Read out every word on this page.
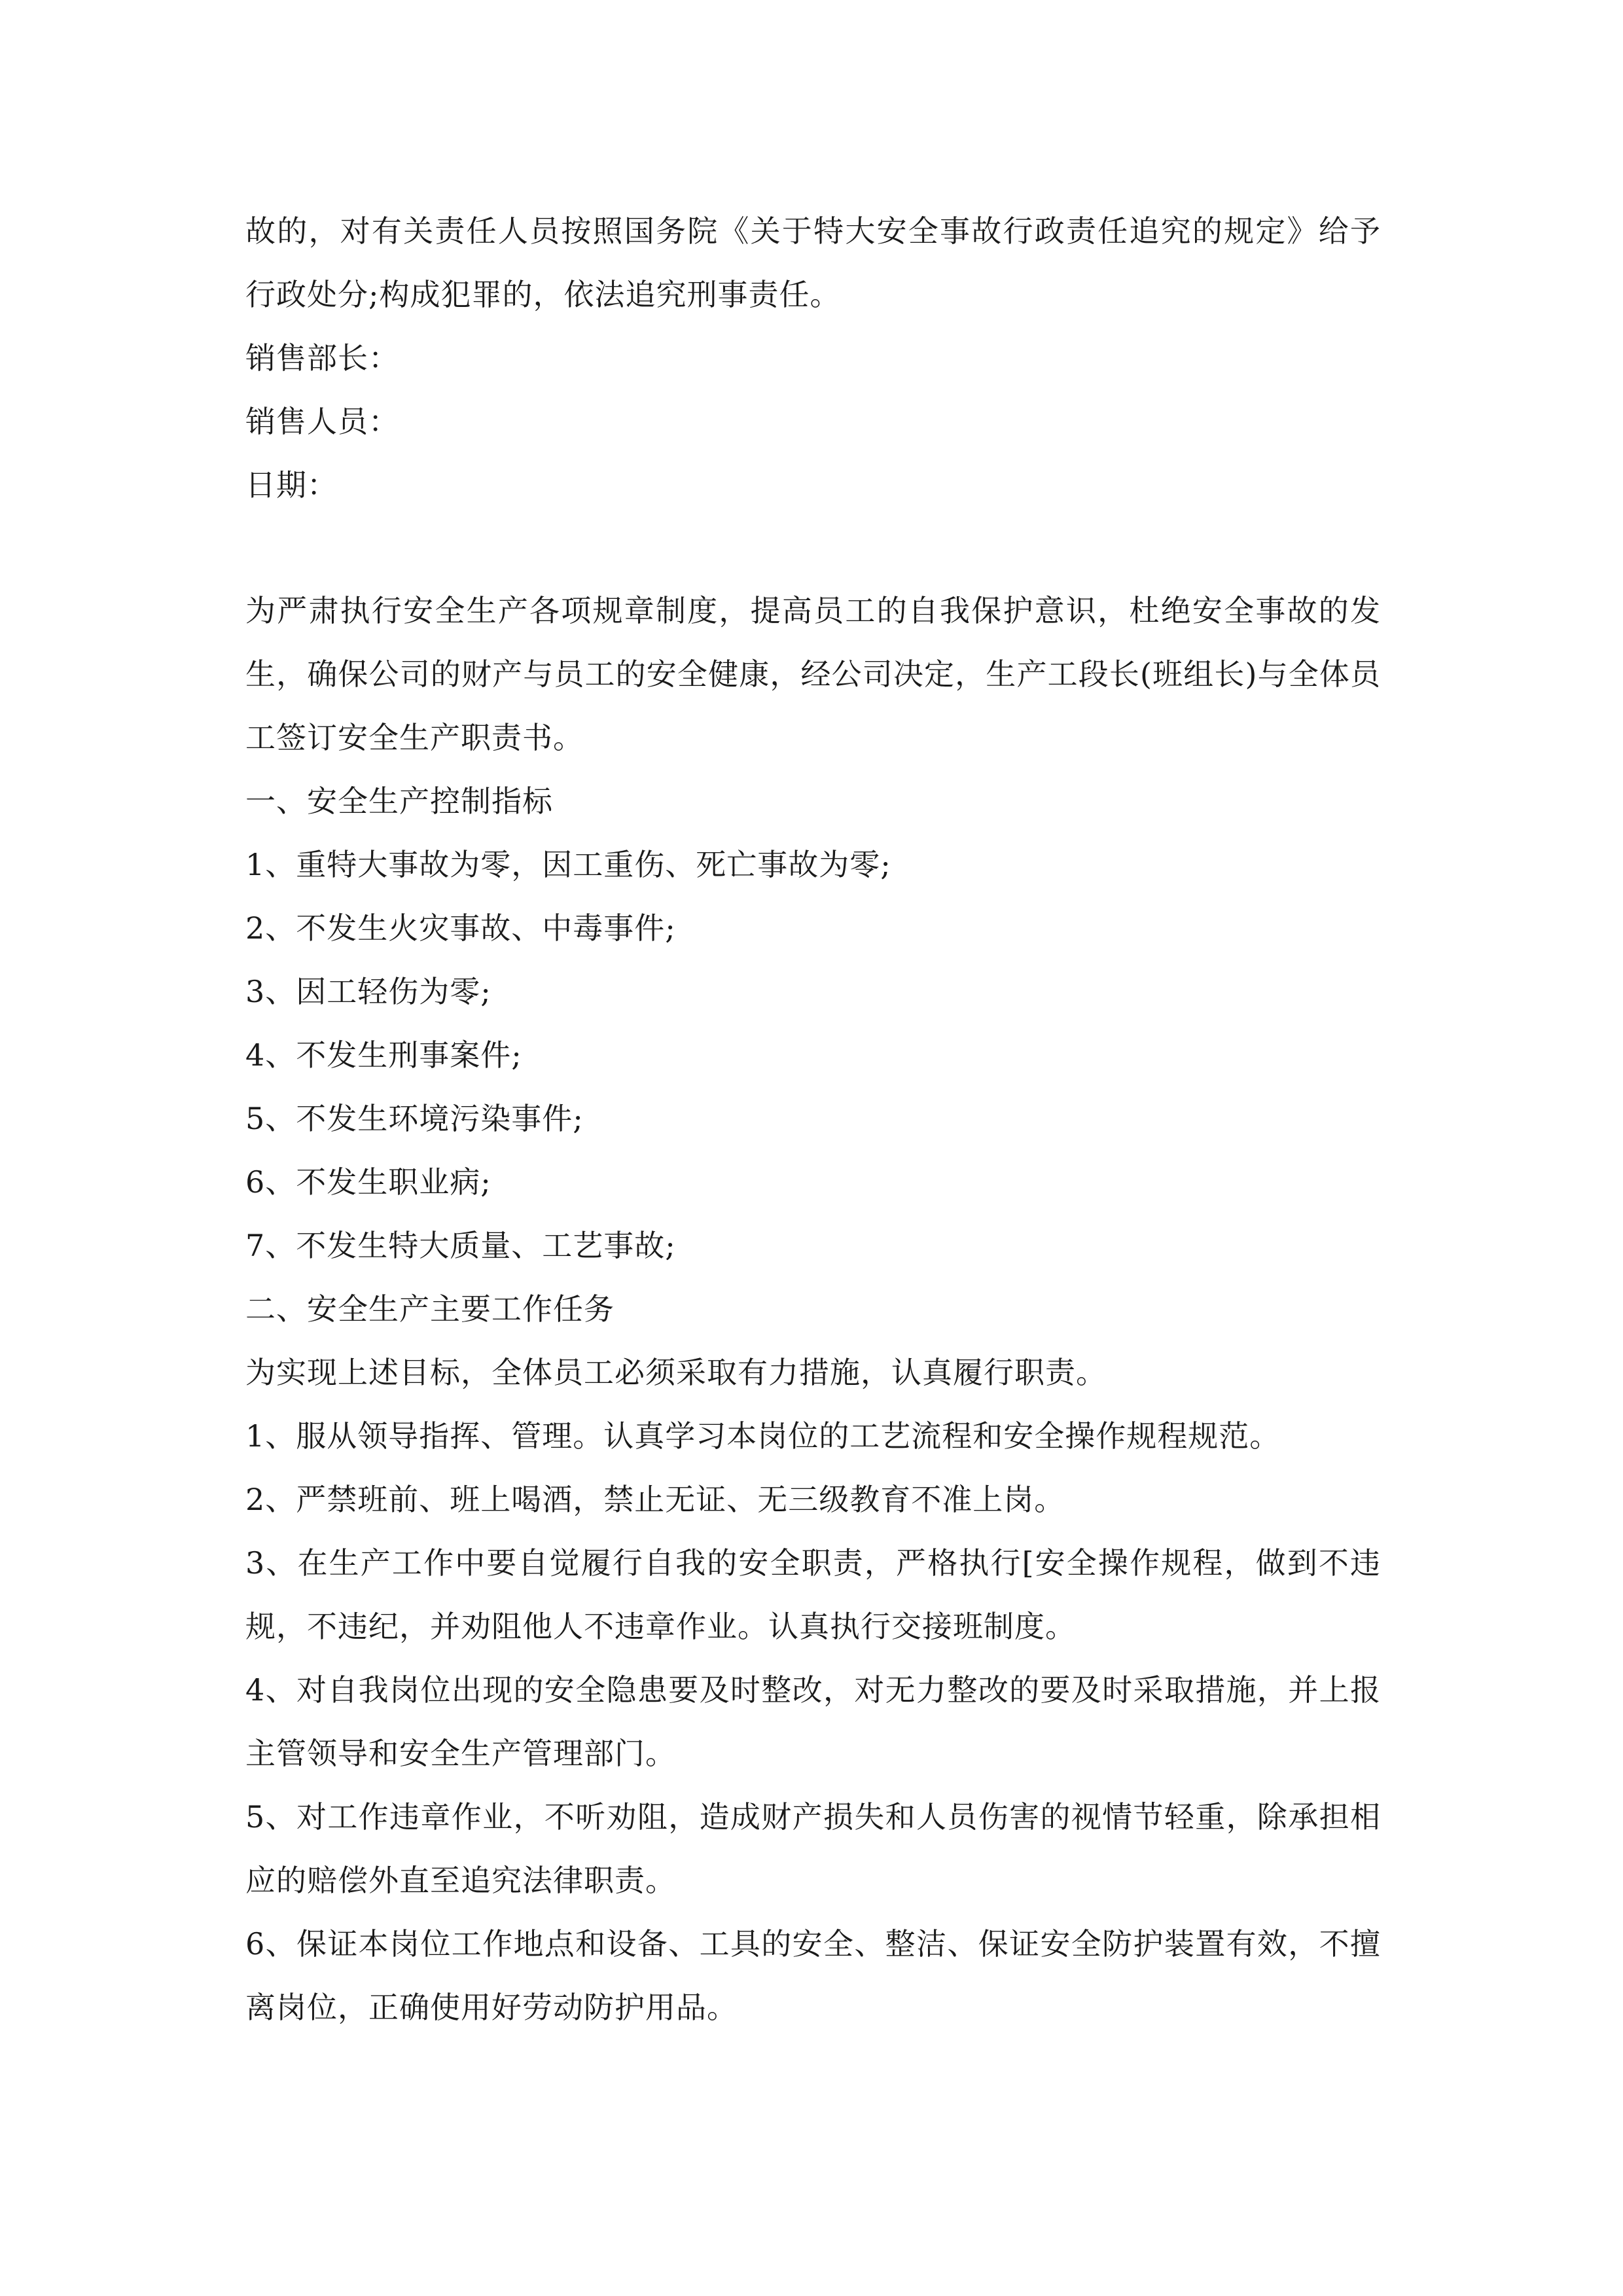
故的，对有关责任人员按照国务院《关于特大安全事故行政责任追究的规定》给予行政处分;构成犯罪的，依法追究刑事责任。

销售部长：

销售人员：

日期：

为严肃执行安全生产各项规章制度，提高员工的自我保护意识，杜绝安全事故的发生，确保公司的财产与员工的安全健康，经公司决定，生产工段长(班组长)与全体员工签订安全生产职责书。

一、安全生产控制指标

1、重特大事故为零，因工重伤、死亡事故为零;

2、不发生火灾事故、中毒事件;

3、因工轻伤为零;

4、不发生刑事案件;

5、不发生环境污染事件;

6、不发生职业病;

7、不发生特大质量、工艺事故;

二、安全生产主要工作任务

为实现上述目标，全体员工必须采取有力措施，认真履行职责。

1、服从领导指挥、管理。认真学习本岗位的工艺流程和安全操作规程规范。

2、严禁班前、班上喝酒，禁止无证、无三级教育不准上岗。

3、在生产工作中要自觉履行自我的安全职责，严格执行[安全操作规程，做到不违规，不违纪，并劝阻他人不违章作业。认真执行交接班制度。

4、对自我岗位出现的安全隐患要及时整改，对无力整改的要及时采取措施，并上报主管领导和安全生产管理部门。

5、对工作违章作业，不听劝阻，造成财产损失和人员伤害的视情节轻重，除承担相应的赔偿外直至追究法律职责。

6、保证本岗位工作地点和设备、工具的安全、整洁、保证安全防护装置有效，不擅离岗位，正确使用好劳动防护用品。
